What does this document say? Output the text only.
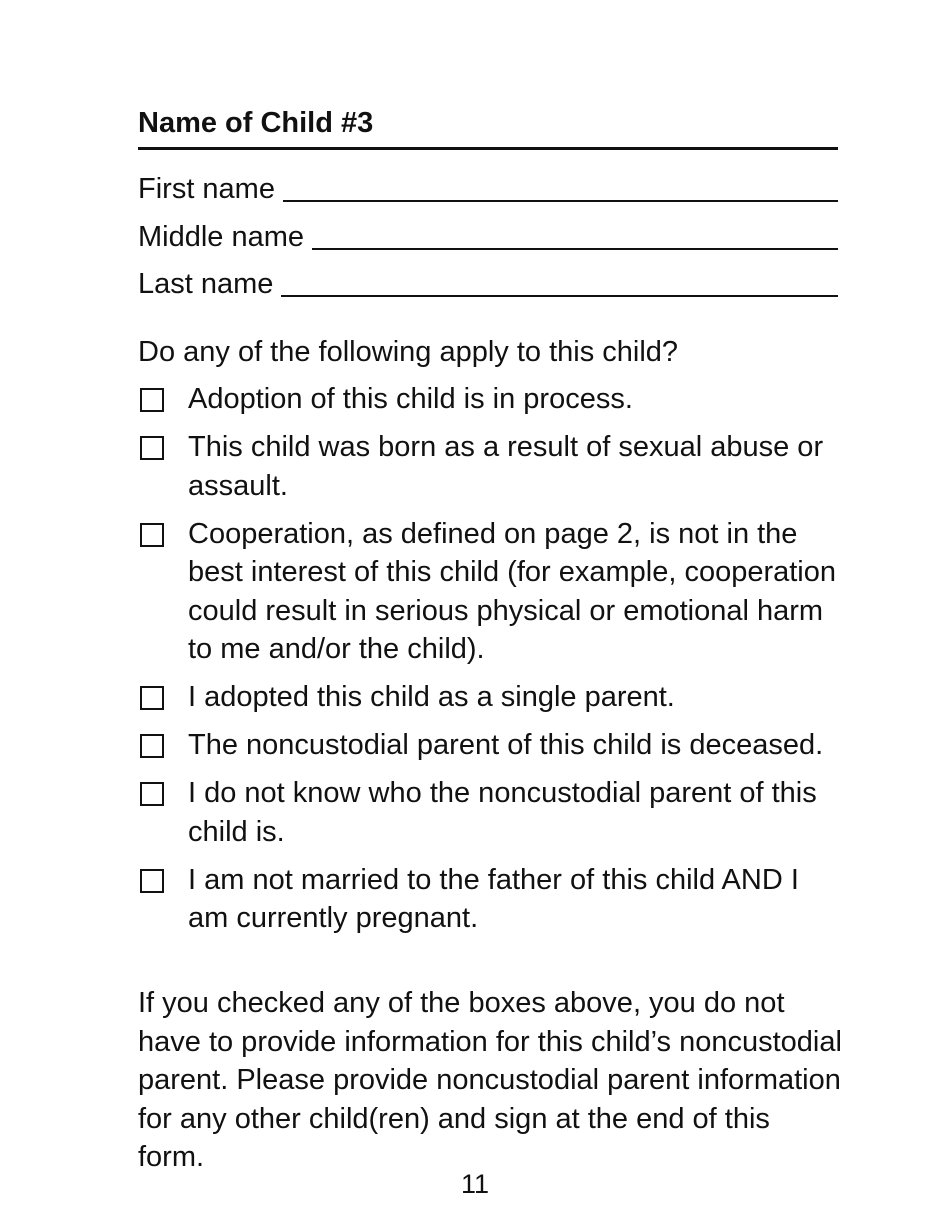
Name of Child #3
First name
Middle name
Last name

Do any of the following apply to this child?

Adoption of this child is in process.
This child was born as a result of sexual abuse or assault.
Cooperation, as defined on page 2, is not in the best interest of this child (for example, cooperation could result in serious physical or emotional harm to me and/or the child).
I adopted this child as a single parent.
The noncustodial parent of this child is deceased.
I do not know who the noncustodial parent of this child is.
I am not married to the father of this child AND I am currently pregnant.

If you checked any of the boxes above, you do not have to provide information for this child’s noncustodial parent. Please provide noncustodial parent information for any other child(ren) and sign at the end of this form.

11
